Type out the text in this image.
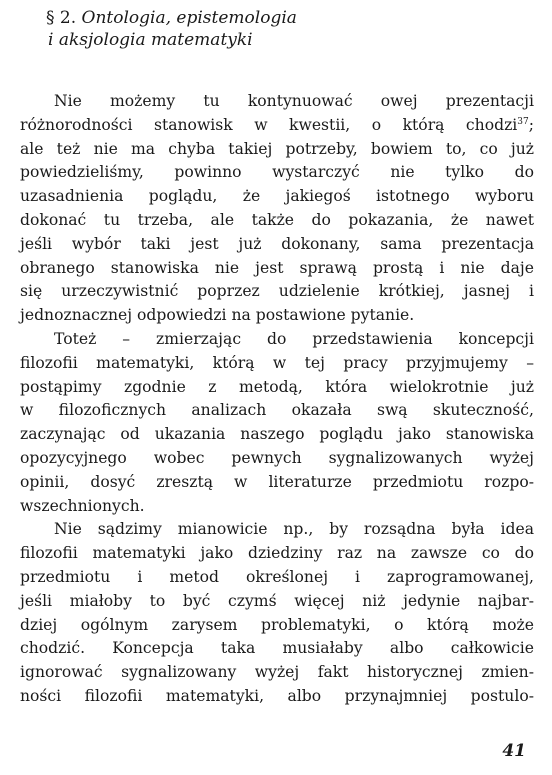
§ 2. Ontologia, epistemologia
i aksjologia matematyki
Nie możemy tu kontynuować owej prezentacji
różnorodności stanowisk w kwestii, o którą chodzi$^{37}$;
ale też nie ma chyba takiej potrzeby, bowiem to, co już
powiedzieliśmy, powinno wystarczyć nie tylko do
uzasadnienia poglądu, że jakiegoś istotnego wyboru
dokonać tu trzeba, ale także do pokazania, że nawet
jeśli wybór taki jest już dokonany, sama prezentacja
obranego stanowiska nie jest sprawą prostą i nie daje
się urzeczywistnić poprzez udzielenie krótkiej, jasnej i
jednoznacznej odpowiedzi na postawione pytanie.
Toteż – zmierzając do przedstawienia koncepcji
filozofii matematyki, którą w tej pracy przyjmujemy –
postąpimy zgodnie z metodą, która wielokrotnie już
w filozoficznych analizach okazała swą skuteczność,
zaczynając od ukazania naszego poglądu jako stanowiska
opozycyjnego wobec pewnych sygnalizowanych wyżej
opinii, dosyć zresztą w literaturze przedmiotu rozpo-
wszechnionych.
Nie sądzimy mianowicie np., by rozsądna była idea
filozofii matematyki jako dziedziny raz na zawsze co do
przedmiotu i metod określonej i zaprogramowanej,
jeśli miałoby to być czymś więcej niż jedynie najbar-
dziej ogólnym zarysem problematyki, o którą może
chodzić. Koncepcja taka musiałaby albo całkowicie
ignorować sygnalizowany wyżej fakt historycznej zmien-
ności filozofii matematyki, albo przynajmniej postulo-
41
